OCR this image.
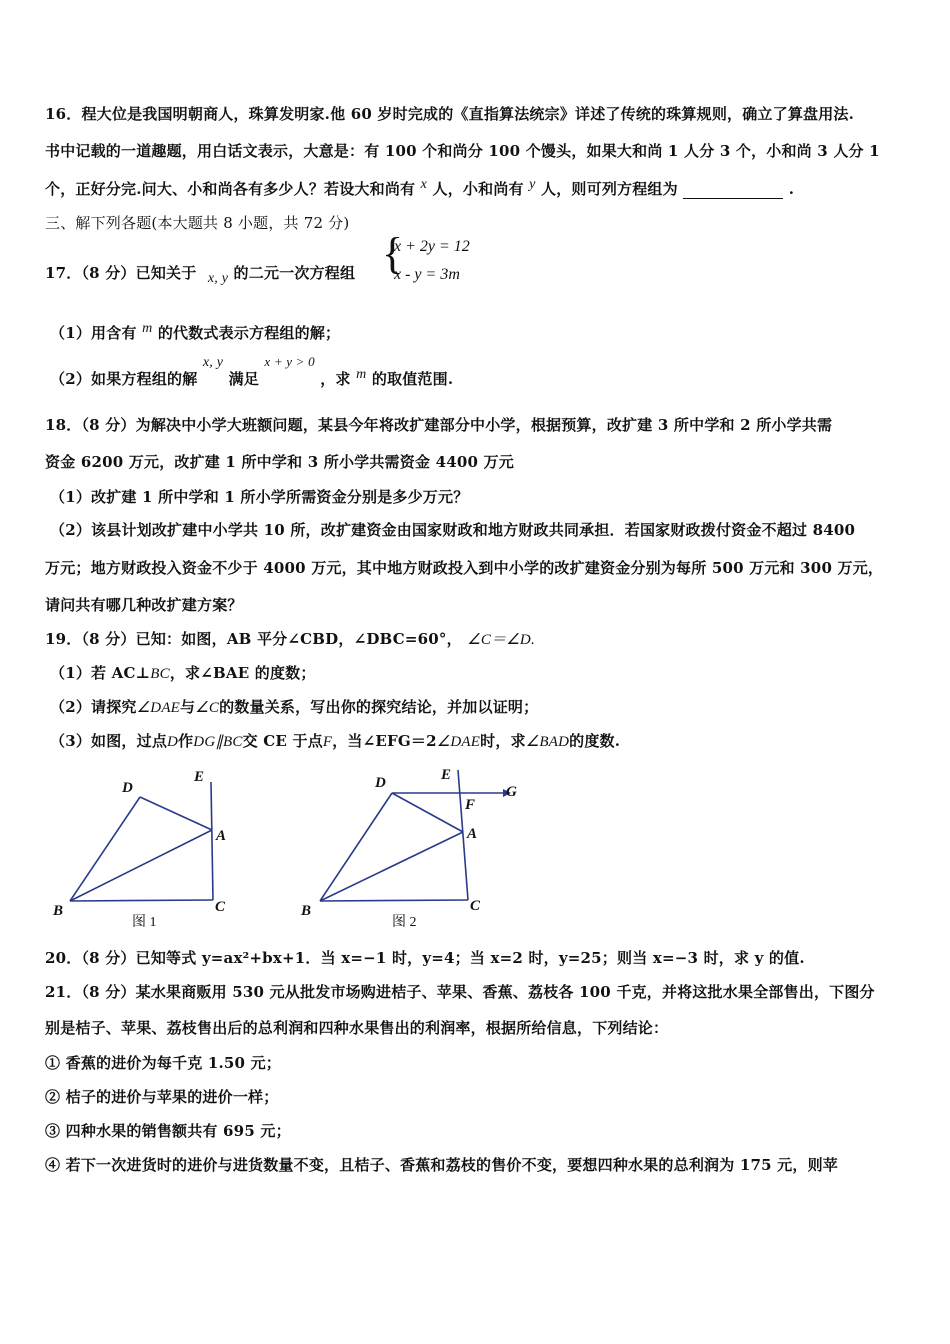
16．程大位是我国明朝商人，珠算发明家.他 60 岁时完成的《直指算法统宗》详述了传统的珠算规则，确立了算盘用法.
书中记载的一道趣题，用白话文表示，大意是：有 100 个和尚分 100 个馒头，如果大和尚 1 人分 3 个，小和尚 3 人分 1
个，正好分完.问大、小和尚各有多少人？若设大和尚有 $^x$ 人，小和尚有 $^y$ 人，则可列方程组为	.
三、解下列各题(本大题共 8 小题，共 72 分)
17．（8 分）已知关于 $_{x, y}$ 的二元一次方程组 {
x + 2y = 12
x - y = 3m
（1）用含有 $^m$ 的代数式表示方程组的解；
（2）如果方程组的解 $^{x, y}$ 满足 $^{x + y > 0}$ ，求 $^m$ 的取值范围.
18．（8 分）为解决中小学大班额问题，某县今年将改扩建部分中小学，根据预算，改扩建 3 所中学和 2 所小学共需
资金 6200 万元，改扩建 1 所中学和 3 所小学共需资金 4400 万元
（1）改扩建 1 所中学和 1 所小学所需资金分别是多少万元？
（2）该县计划改扩建中小学共 10 所，改扩建资金由国家财政和地方财政共同承担．若国家财政拨付资金不超过 8400
万元；地方财政投入资金不少于 4000 万元，其中地方财政投入到中小学的改扩建资金分别为每所 500 万元和 300 万元，
请问共有哪几种改扩建方案？
19．（8 分）已知：如图，AB 平分∠CBD，∠DBC=60°， ∠C＝∠D.
（1）若 AC⊥BC，求∠BAE 的度数；
（2）请探究∠DAE与∠C的数量关系，写出你的探究结论，并加以证明；
（3）如图，过点D作DG∥BC交 CE 于点F，当∠EFG＝2∠DAE时，求∠BAD的度数.
D
E
A
B	C
图 1
D	E
G
F
A
B	C
图 2
20．（8 分）已知等式 y=ax²+bx+1．当 x=−1 时，y=4；当 x=2 时，y=25；则当 x=−3 时，求 y 的值.
21．（8 分）某水果商贩用 530 元从批发市场购进桔子、苹果、香蕉、荔枝各 100 千克，并将这批水果全部售出，下图分
别是桔子、苹果、荔枝售出后的总利润和四种水果售出的利润率，根据所给信息，下列结论：
① 香蕉的进价为每千克 1.50 元；
② 桔子的进价与苹果的进价一样；
③ 四种水果的销售额共有 695 元；
④ 若下一次进货时的进价与进货数量不变，且桔子、香蕉和荔枝的售价不变，要想四种水果的总利润为 175 元，则苹
